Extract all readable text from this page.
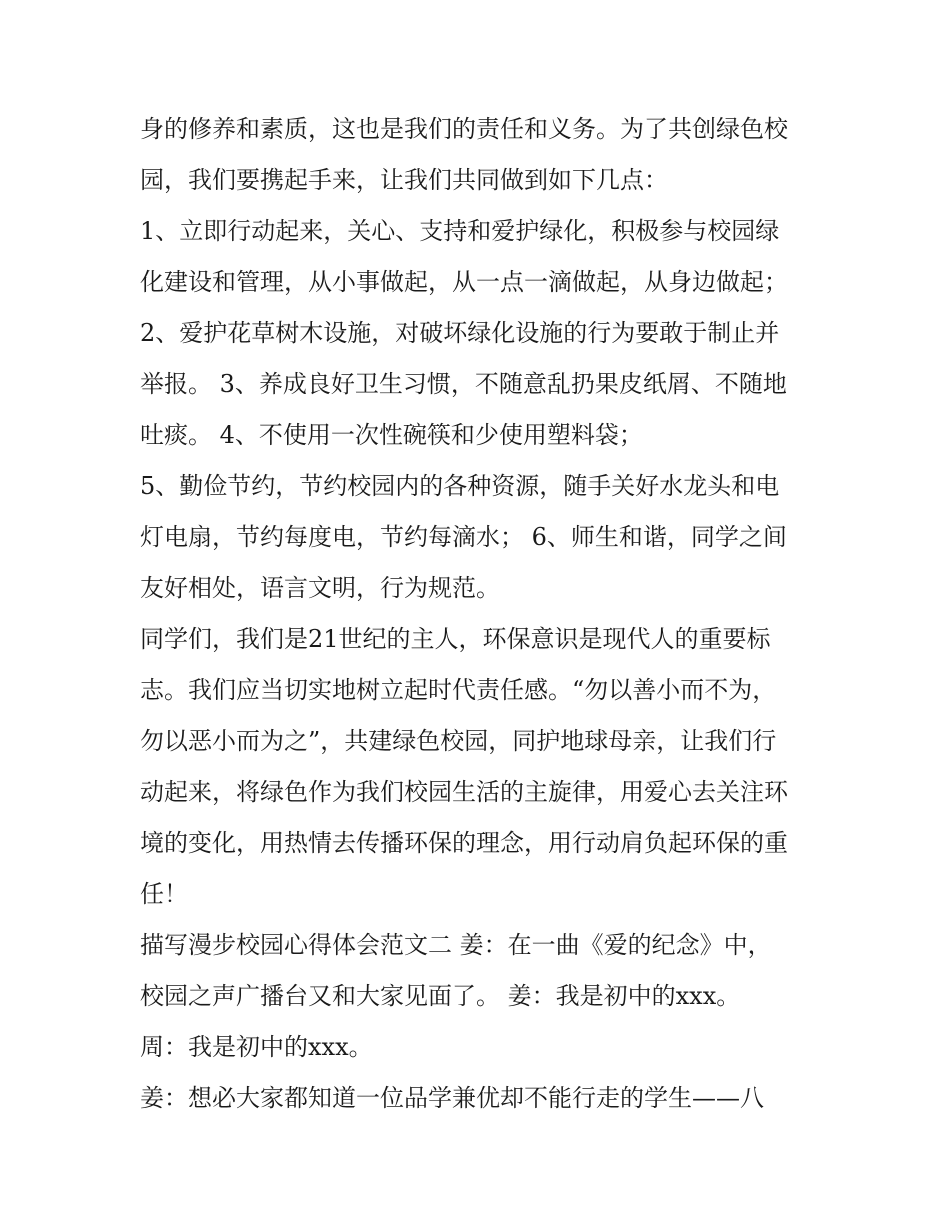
身的修养和素质，这也是我们的责任和义务。为了共创绿色校
园，我们要携起手来，让我们共同做到如下几点：
1、立即行动起来，关心、支持和爱护绿化，积极参与校园绿
化建设和管理，从小事做起，从一点一滴做起，从身边做起；
2、爱护花草树木设施，对破坏绿化设施的行为要敢于制止并
举报。 3、养成良好卫生习惯，不随意乱扔果皮纸屑、不随地
吐痰。 4、不使用一次性碗筷和少使用塑料袋；
5、勤俭节约，节约校园内的各种资源，随手关好水龙头和电
灯电扇，节约每度电，节约每滴水； 6、师生和谐，同学之间
友好相处，语言文明，行为规范。
同学们，我们是21世纪的主人，环保意识是现代人的重要标
志。我们应当切实地树立起时代责任感。“勿以善小而不为，
勿以恶小而为之”，共建绿色校园，同护地球母亲，让我们行
动起来，将绿色作为我们校园生活的主旋律，用爱心去关注环
境的变化，用热情去传播环保的理念，用行动肩负起环保的重
任！
描写漫步校园心得体会范文二 姜：在一曲《爱的纪念》中，
校园之声广播台又和大家见面了。 姜：我是初中的xxx。
周：我是初中的xxx。
姜：想必大家都知道一位品学兼优却不能行走的学生——八
